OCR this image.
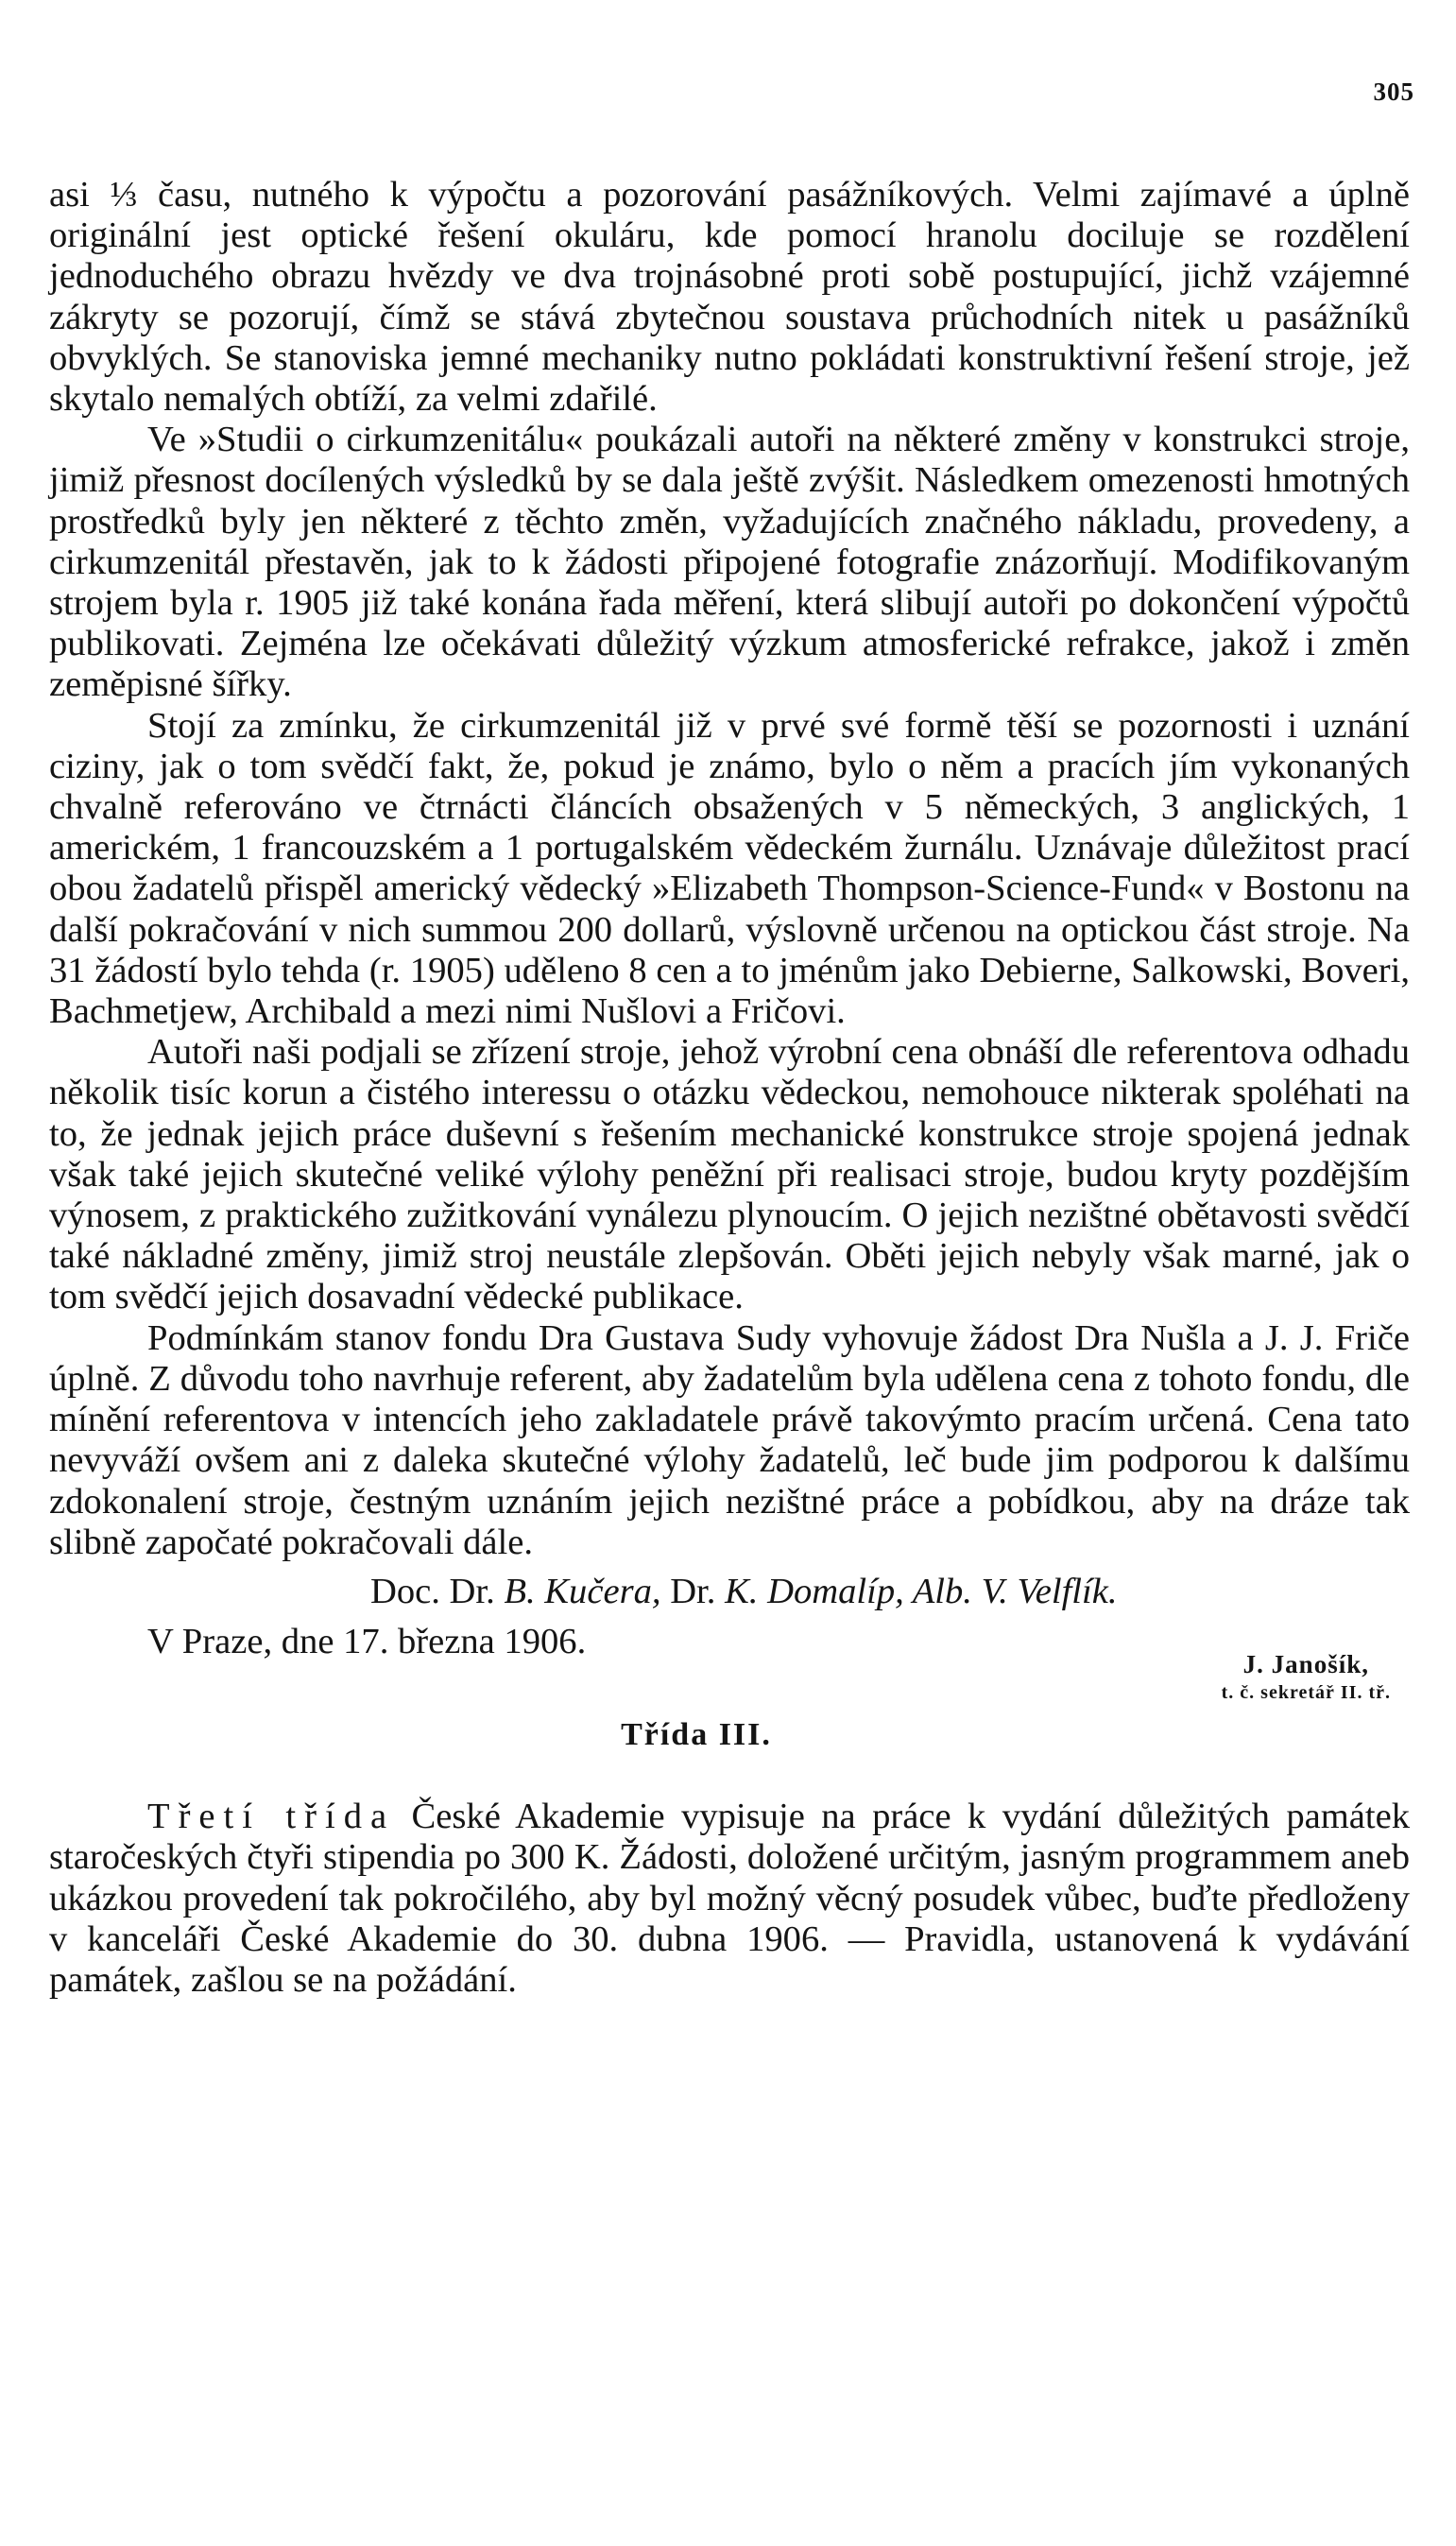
305

asi ⅓ času, nutného k výpočtu a pozorování pasážníkových. Velmi zajímavé a úplně originální jest optické řešení okuláru, kde pomocí hranolu dociluje se rozdělení jednoduchého obrazu hvězdy ve dva trojnásobné proti sobě postupující, jichž vzájemné zákryty se pozorují, čímž se stává zbytečnou soustava průchodních nitek u pasážníků obvyklých. Se stanoviska jemné mechaniky nutno pokládati konstruktivní řešení stroje, jež skytalo nemalých obtíží, za velmi zdařilé.

Ve »Studii o cirkumzenitálu« poukázali autoři na některé změny v konstrukci stroje, jimiž přesnost docílených výsledků by se dala ještě zvýšit. Následkem omezenosti hmotných prostředků byly jen některé z těchto změn, vyžadujících značného nákladu, provedeny, a cirkumzenitál přestavěn, jak to k žádosti připojené fotografie znázorňují. Modifikovaným strojem byla r. 1905 již také konána řada měření, která slibují autoři po dokončení výpočtů publikovati. Zejména lze očekávati důležitý výzkum atmosferické refrakce, jakož i změn zeměpisné šířky.

Stojí za zmínku, že cirkumzenitál již v prvé své formě těší se pozornosti i uznání ciziny, jak o tom svědčí fakt, že, pokud je známo, bylo o něm a pracích jím vykonaných chvalně referováno ve čtrnácti článcích obsažených v 5 německých, 3 anglických, 1 americkém, 1 francouzském a 1 portugalském vědeckém žurnálu. Uznávaje důležitost prací obou žadatelů přispěl americký vědecký »Elizabeth Thompson-Science-Fund« v Bostonu na další pokračování v nich summou 200 dollarů, výslovně určenou na optickou část stroje. Na 31 žádostí bylo tehda (r. 1905) uděleno 8 cen a to jménům jako Debierne, Salkowski, Boveri, Bachmetjew, Archibald a mezi nimi Nušlovi a Fričovi.

Autoři naši podjali se zřízení stroje, jehož výrobní cena obnáší dle referentova odhadu několik tisíc korun a čistého interessu o otázku vědeckou, nemohouce nikterak spoléhati na to, že jednak jejich práce duševní s řešením mechanické konstrukce stroje spojená jednak však také jejich skutečné veliké výlohy peněžní při realisaci stroje, budou kryty pozdějším výnosem, z praktického zužitkování vynálezu plynoucím. O jejich nezištné obětavosti svědčí také nákladné změny, jimiž stroj neustále zlepšován. Oběti jejich nebyly však marné, jak o tom svědčí jejich dosavadní vědecké publikace.

Podmínkám stanov fondu Dra Gustava Sudy vyhovuje žádost Dra Nušla a J. J. Friče úplně. Z důvodu toho navrhuje referent, aby žadatelům byla udělena cena z tohoto fondu, dle mínění referentova v intencích jeho zakladatele právě takovýmto pracím určená. Cena tato nevyváží ovšem ani z daleka skutečné výlohy žadatelů, leč bude jim podporou k dalšímu zdokonalení stroje, čestným uznáním jejich nezištné práce a pobídkou, aby na dráze tak slibně započaté pokračovali dále.

Doc. Dr. B. Kučera, Dr. K. Domalíp, Alb. V. Velflík.
V Praze, dne 17. března 1906.
J. Janošík,
t. č. sekretář II. tř.
Třída III.

Třetí třída České Akademie vypisuje na práce k vydání důležitých památek staročeských čtyři stipendia po 300 K. Žádosti, doložené určitým, jasným programmem aneb ukázkou provedení tak pokročilého, aby byl možný věcný posudek vůbec, buďte předloženy v kanceláři České Akademie do 30. dubna 1906. — Pravidla, ustanovená k vydávání památek, zašlou se na požádání.
